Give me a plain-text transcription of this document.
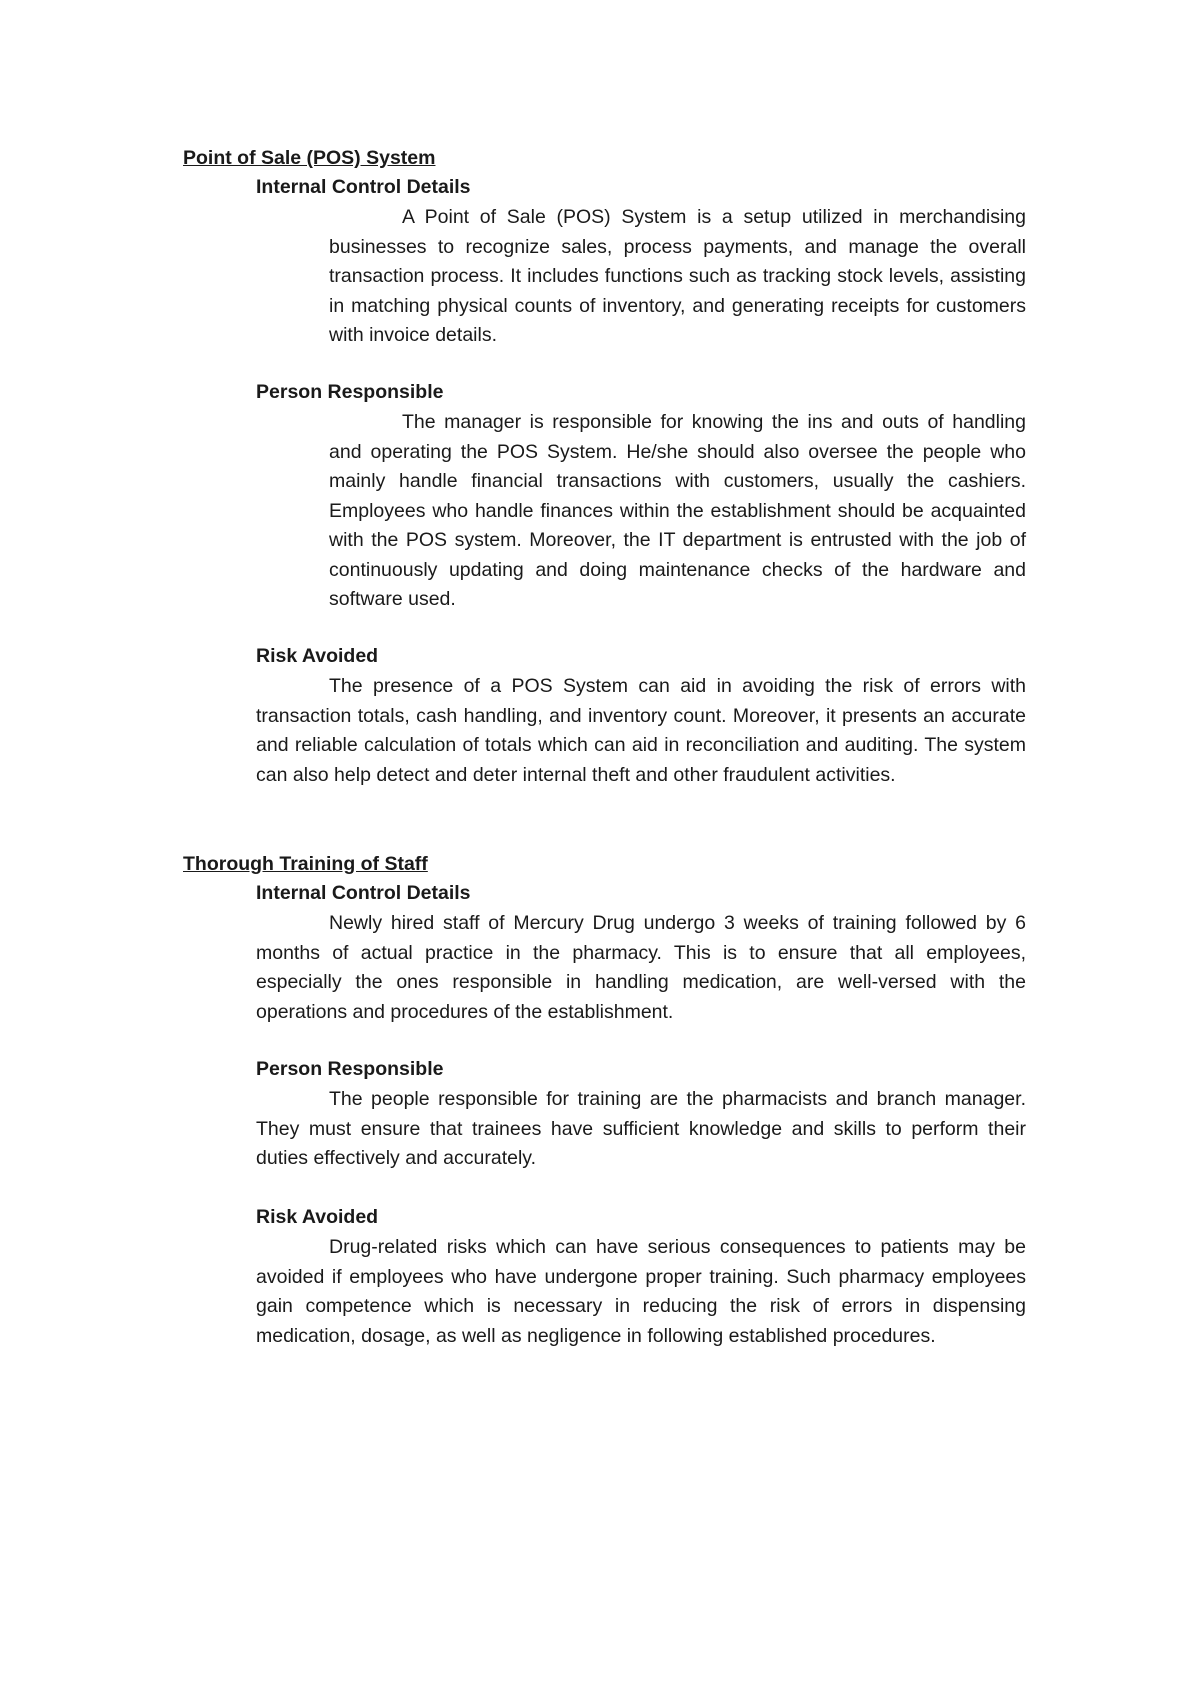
Point of Sale (POS) System
Internal Control Details

A Point of Sale (POS) System is a setup utilized in merchandising businesses to recognize sales, process payments, and manage the overall transaction process. It includes functions such as tracking stock levels, assisting in matching physical counts of inventory, and generating receipts for customers with invoice details.

Person Responsible

The manager is responsible for knowing the ins and outs of handling and operating the POS System. He/she should also oversee the people who mainly handle financial transactions with customers, usually the cashiers. Employees who handle finances within the establishment should be acquainted with the POS system. Moreover, the IT department is entrusted with the job of continuously updating and doing maintenance checks of the hardware and software used.

Risk Avoided

The presence of a POS System can aid in avoiding the risk of errors with transaction totals, cash handling, and inventory count. Moreover, it presents an accurate and reliable calculation of totals which can aid in reconciliation and auditing. The system can also help detect and deter internal theft and other fraudulent activities.

Thorough Training of Staff
Internal Control Details

Newly hired staff of Mercury Drug undergo 3 weeks of training followed by 6 months of actual practice in the pharmacy. This is to ensure that all employees, especially the ones responsible in handling medication, are well-versed with the operations and procedures of the establishment.

Person Responsible

The people responsible for training are the pharmacists and branch manager. They must ensure that trainees have sufficient knowledge and skills to perform their duties effectively and accurately.

Risk Avoided

Drug-related risks which can have serious consequences to patients may be avoided if employees who have undergone proper training. Such pharmacy employees gain competence which is necessary in reducing the risk of errors in dispensing medication, dosage, as well as negligence in following established procedures.
